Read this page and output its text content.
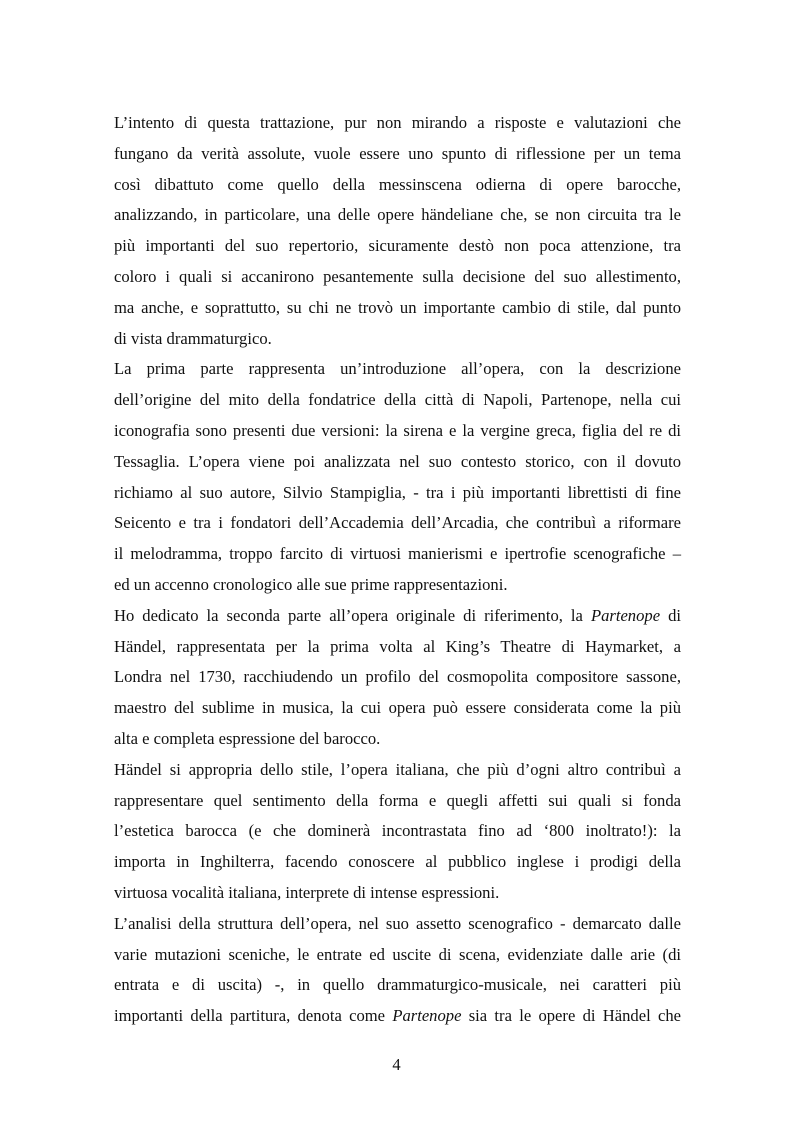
L’intento di questa trattazione, pur non mirando a risposte e valutazioni che
fungano da verità assolute, vuole essere uno spunto di riflessione per un tema
così dibattuto come quello della messinscena odierna di opere barocche,
analizzando, in particolare, una delle opere händeliane che, se non circuita tra le
più importanti del suo repertorio, sicuramente destò non poca attenzione, tra
coloro i quali si accanirono pesantemente sulla decisione del suo allestimento,
ma anche, e soprattutto, su chi ne trovò un importante cambio di stile, dal punto
di vista drammaturgico.
La prima parte rappresenta un’introduzione all’opera, con la descrizione
dell’origine del mito della fondatrice della città di Napoli, Partenope, nella cui
iconografia sono presenti due versioni: la sirena e la vergine greca, figlia del re di
Tessaglia. L’opera viene poi analizzata nel suo contesto storico, con il dovuto
richiamo al suo autore, Silvio Stampiglia, - tra i più importanti librettisti di fine
Seicento e tra i fondatori dell’Accademia dell’Arcadia, che contribuì a riformare
il melodramma, troppo farcito di virtuosi manierismi e ipertrofie scenografiche –
ed un accenno cronologico alle sue prime rappresentazioni.
Ho dedicato la seconda parte all’opera originale di riferimento, la Partenope di
Händel, rappresentata per la prima volta al King’s Theatre di Haymarket, a
Londra nel 1730, racchiudendo un profilo del cosmopolita compositore sassone,
maestro del sublime in musica, la cui opera può essere considerata come la più
alta e completa espressione del barocco.
Händel si appropria dello stile, l’opera italiana, che più d’ogni altro contribuì a
rappresentare quel sentimento della forma e quegli affetti sui quali si fonda
l’estetica barocca (e che dominerà incontrastata fino ad ‘800 inoltrato!): la
importa in Inghilterra, facendo conoscere al pubblico inglese i prodigi della
virtuosa vocalità italiana, interprete di intense espressioni.
L’analisi della struttura dell’opera, nel suo assetto scenografico - demarcato dalle
varie mutazioni sceniche, le entrate ed uscite di scena, evidenziate dalle arie (di
entrata e di uscita) -, in quello drammaturgico-musicale, nei caratteri più
importanti della partitura, denota come Partenope sia tra le opere di Händel che
4
